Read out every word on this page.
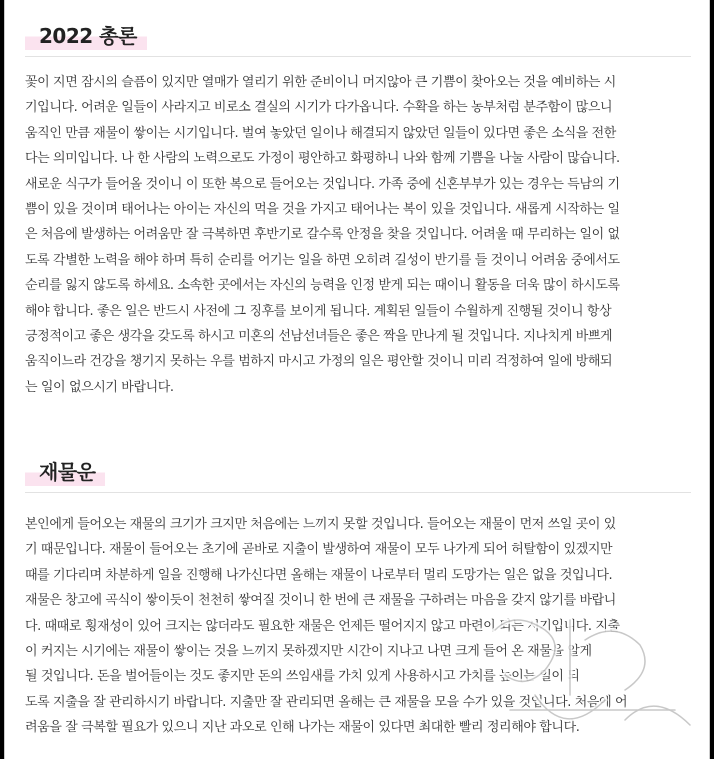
2022 총론

꽃이 지면 잠시의 슬픔이 있지만 열매가 열리기 위한 준비이니 머지않아 큰 기쁨이 찾아오는 것을 예비하는 시
기입니다. 어려운 일들이 사라지고 비로소 결실의 시기가 다가옵니다. 수확을 하는 농부처럼 분주함이 많으니
움직인 만큼 재물이 쌓이는 시기입니다. 벌여 놓았던 일이나 해결되지 않았던 일들이 있다면 좋은 소식을 전한
다는 의미입니다. 나 한 사람의 노력으로도 가정이 평안하고 화평하니 나와 함께 기쁨을 나눌 사람이 많습니다.
새로운 식구가 들어올 것이니 이 또한 복으로 들어오는 것입니다. 가족 중에 신혼부부가 있는 경우는 득남의 기
쁨이 있을 것이며 태어나는 아이는 자신의 먹을 것을 가지고 태어나는 복이 있을 것입니다. 새롭게 시작하는 일
은 처음에 발생하는 어려움만 잘 극복하면 후반기로 갈수록 안정을 찾을 것입니다. 어려울 때 무리하는 일이 없
도록 각별한 노력을 해야 하며 특히 순리를 어기는 일을 하면 오히려 길성이 반기를 들 것이니 어려움 중에서도
순리를 잃지 않도록 하세요. 소속한 곳에서는 자신의 능력을 인정 받게 되는 때이니 활동을 더욱 많이 하시도록
해야 합니다. 좋은 일은 반드시 사전에 그 징후를 보이게 됩니다. 계획된 일들이 수월하게 진행될 것이니 항상
긍정적이고 좋은 생각을 갖도록 하시고 미혼의 선남선녀들은 좋은 짝을 만나게 될 것입니다. 지나치게 바쁘게
움직이느라 건강을 챙기지 못하는 우를 범하지 마시고 가정의 일은 평안할 것이니 미리 걱정하여 일에 방해되
는 일이 없으시기 바랍니다.

재물운

본인에게 들어오는 재물의 크기가 크지만 처음에는 느끼지 못할 것입니다. 들어오는 재물이 먼저 쓰일 곳이 있
기 때문입니다. 재물이 들어오는 초기에 곧바로 지출이 발생하여 재물이 모두 나가게 되어 허탈함이 있겠지만
때를 기다리며 차분하게 일을 진행해 나가신다면 올해는 재물이 나로부터 멀리 도망가는 일은 없을 것입니다.
재물은 창고에 곡식이 쌓이듯이 천천히 쌓여질 것이니 한 번에 큰 재물을 구하려는 마음을 갖지 않기를 바랍니
다. 때때로 횡재성이 있어 크지는 않더라도 필요한 재물은 언제든 떨어지지 않고 마련이 되는 시기입니다. 지출
이 커지는 시기에는 재물이 쌓이는 것을 느끼지 못하겠지만 시간이 지나고 나면 크게 들어 온 재물을 알게
될 것입니다. 돈을 벌어들이는 것도 좋지만 돈의 쓰임새를 가치 있게 사용하시고 가치를 높이는 일이 되
도록 지출을 잘 관리하시기 바랍니다. 지출만 잘 관리되면 올해는 큰 재물을 모을 수가 있을 것입니다. 처음에 어
려움을 잘 극복할 필요가 있으니 지난 과오로 인해 나가는 재물이 있다면 최대한 빨리 정리해야 합니다.
